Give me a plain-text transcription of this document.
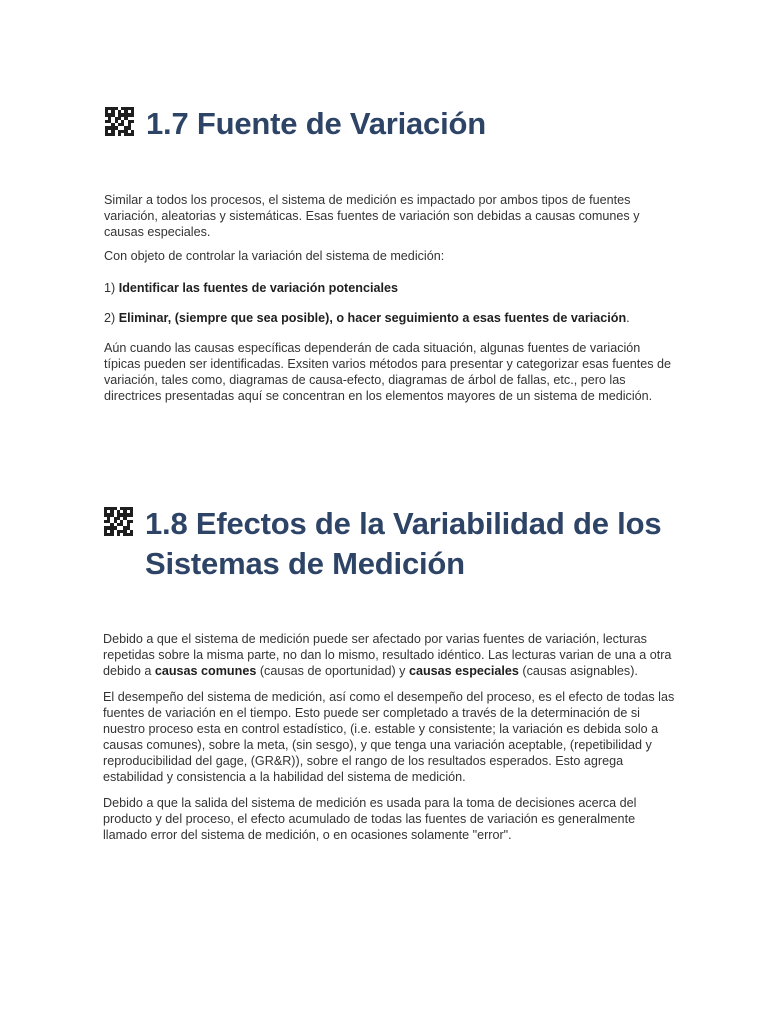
1.7 Fuente de Variación

Similar a todos los procesos, el sistema de medición es impactado por ambos tipos de fuentes variación, aleatorias y sistemáticas. Esas fuentes de variación son debidas a causas comunes y causas especiales.

Con objeto de controlar la variación del sistema de medición:

1) Identificar las fuentes de variación potenciales

2) Eliminar, (siempre que sea posible), o hacer seguimiento a esas fuentes de variación.

Aún cuando las causas específicas dependerán de cada situación, algunas fuentes de variación típicas pueden ser identificadas. Exsiten varios métodos para presentar y categorizar esas fuentes de variación, tales como, diagramas de causa-efecto, diagramas de árbol de fallas, etc., pero las directrices presentadas aquí se concentran en los elementos mayores de un sistema de medición.

1.8 Efectos de la Variabilidad de los
Sistemas de Medición

Debido a que el sistema de medición puede ser afectado por varias fuentes de variación, lecturas repetidas sobre la misma parte, no dan lo mismo, resultado idéntico. Las lecturas varian de una a otra debido a causas comunes (causas de oportunidad) y causas especiales (causas asignables).

El desempeño del sistema de medición, así como el desempeño del proceso, es el efecto de todas las fuentes de variación en el tiempo. Esto puede ser completado a través de la determinación de si nuestro proceso esta en control estadístico, (i.e. estable y consistente; la variación es debida solo a causas comunes), sobre la meta, (sin sesgo), y que tenga una variación aceptable, (repetibilidad y reproducibilidad del gage, (GR&R)), sobre el rango de los resultados esperados. Esto agrega estabilidad y consistencia a la habilidad del sistema de medición.

Debido a que la salida del sistema de medición es usada para la toma de decisiones acerca del producto y del proceso, el efecto acumulado de todas las fuentes de variación es generalmente llamado error del sistema de medición, o en ocasiones solamente "error".
